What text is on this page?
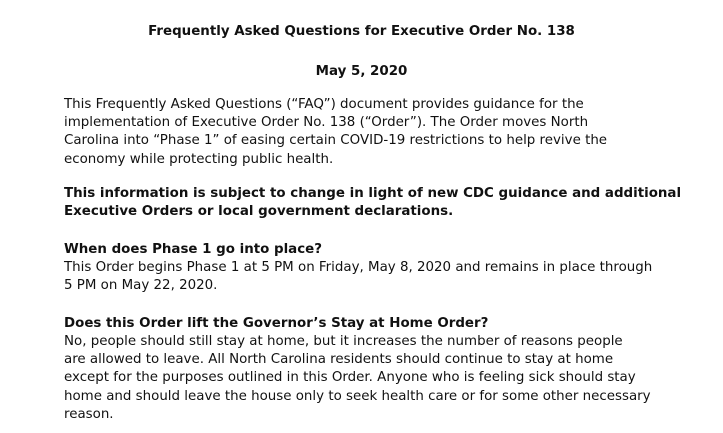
Frequently Asked Questions for Executive Order No. 138
May 5, 2020

This Frequently Asked Questions (“FAQ”) document provides guidance for the
implementation of Executive Order No. 138 (“Order”). The Order moves North
Carolina into “Phase 1” of easing certain COVID-19 restrictions to help revive the
economy while protecting public health.

This information is subject to change in light of new CDC guidance and additional
Executive Orders or local government declarations.

When does Phase 1 go into place?

This Order begins Phase 1 at 5 PM on Friday, May 8, 2020 and remains in place through
5 PM on May 22, 2020.

Does this Order lift the Governor’s Stay at Home Order?

No, people should still stay at home, but it increases the number of reasons people
are allowed to leave. All North Carolina residents should continue to stay at home
except for the purposes outlined in this Order. Anyone who is feeling sick should stay
home and should leave the house only to seek health care or for some other necessary
reason.
